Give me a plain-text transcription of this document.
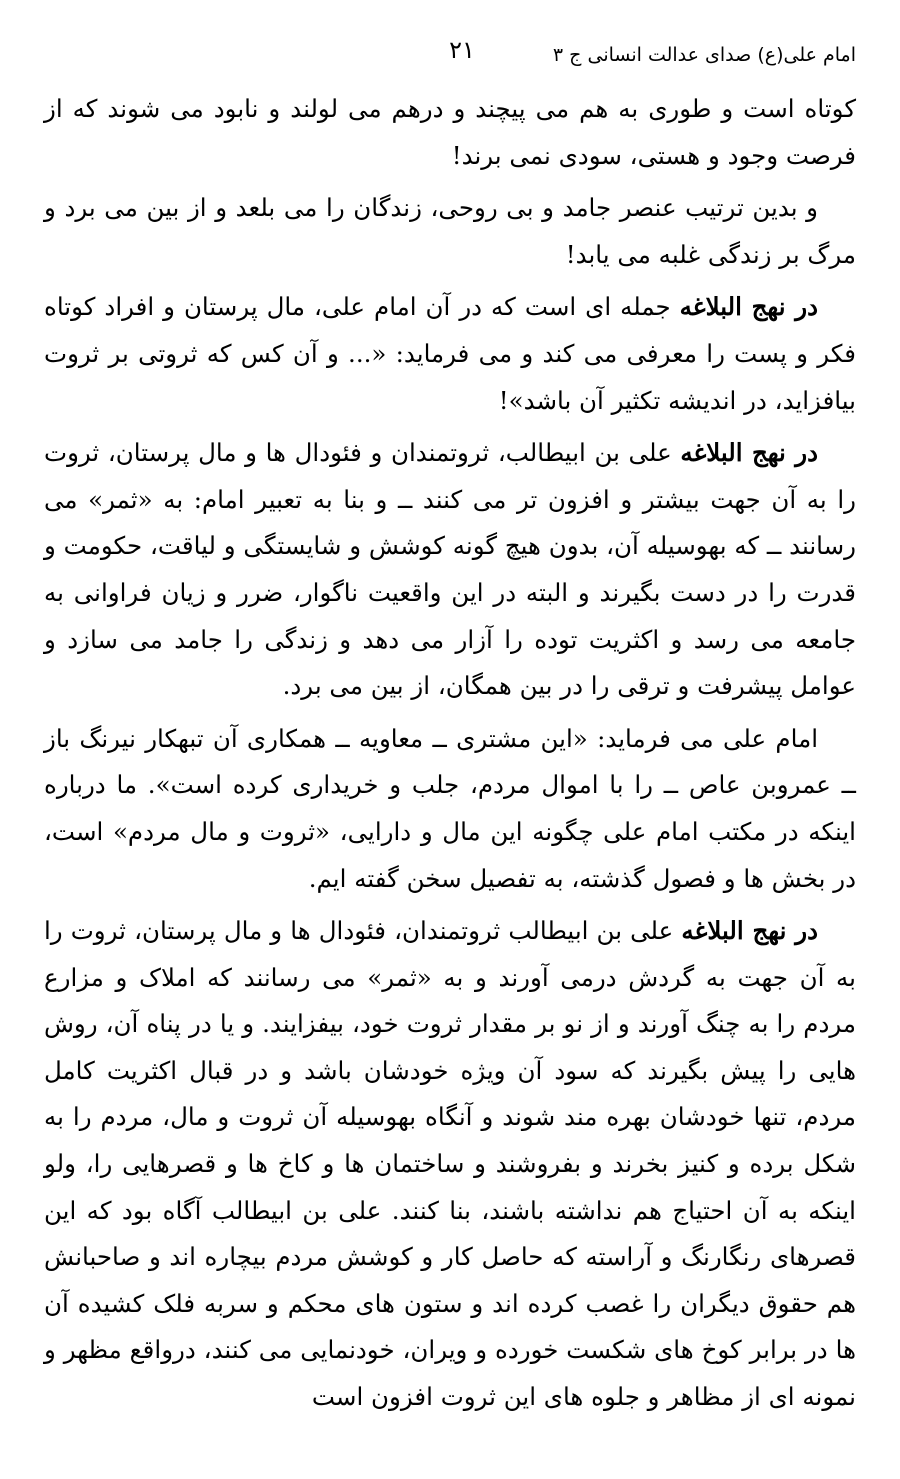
امام علی(ع) صدای عدالت انسانی ج ۳
۲۱

کوتاه است و طوری به هم می پیچند و درهم می لولند و نابود می شوند که از فرصت وجود و هستی، سودی نمی برند!

و بدین ترتیب عنصر جامد و بی روحی، زندگان را می بلعد و از بین می برد و مرگ بر زندگی غلبه می یابد!

در نهج البلاغه جمله ای است که در آن امام علی، مال پرستان و افراد کوتاه فکر و پست را معرفی می کند و می فرماید: «... و آن کس که ثروتی بر ثروت بیافزاید، در اندیشه تکثیر آن باشد»!

در نهج البلاغه علی بن ابیطالب، ثروتمندان و فئودال ها و مال پرستان، ثروت را به آن جهت بیشتر و افزون تر می کنند ــ و بنا به تعبیر امام: به «ثمر» می رسانند ــ که بهوسیله آن، بدون هیچ گونه کوشش و شایستگی و لیاقت، حکومت و قدرت را در دست بگیرند و البته در این واقعیت ناگوار، ضرر و زیان فراوانی به جامعه می رسد و اکثریت توده را آزار می دهد و زندگی را جامد می سازد و عوامل پیشرفت و ترقی را در بین همگان، از بین می برد.

امام علی می فرماید: «این مشتری ــ معاویه ــ همکاری آن تبهکار نیرنگ باز ــ عمروبن عاص ــ را با اموال مردم، جلب و خریداری کرده است». ما درباره اینکه در مکتب امام علی چگونه این مال و دارایی، «ثروت و مال مردم» است، در بخش ها و فصول گذشته، به تفصیل سخن گفته ایم.

در نهج البلاغه علی بن ابیطالب ثروتمندان، فئودال ها و مال پرستان، ثروت را به آن جهت به گردش درمی آورند و به «ثمر» می رسانند که املاک و مزارع مردم را به چنگ آورند و از نو بر مقدار ثروت خود، بیفزایند. و یا در پناه آن، روش هایی را پیش بگیرند که سود آن ویژه خودشان باشد و در قبال اکثریت کامل مردم، تنها خودشان بهره مند شوند و آنگاه بهوسیله آن ثروت و مال، مردم را به شکل برده و کنیز بخرند و بفروشند و ساختمان ها و کاخ ها و قصرهایی را، ولو اینکه به آن احتیاج هم نداشته باشند، بنا کنند. علی بن ابیطالب آگاه بود که این قصرهای رنگارنگ و آراسته که حاصل کار و کوشش مردم بیچاره اند و صاحبانش هم حقوق دیگران را غصب کرده اند و ستون های محکم و سربه فلک کشیده آن ها در برابر کوخ های شکست خورده و ویران، خودنمایی می کنند، درواقع مظهر و نمونه ای از مظاهر و جلوه های این ثروت افزون است
